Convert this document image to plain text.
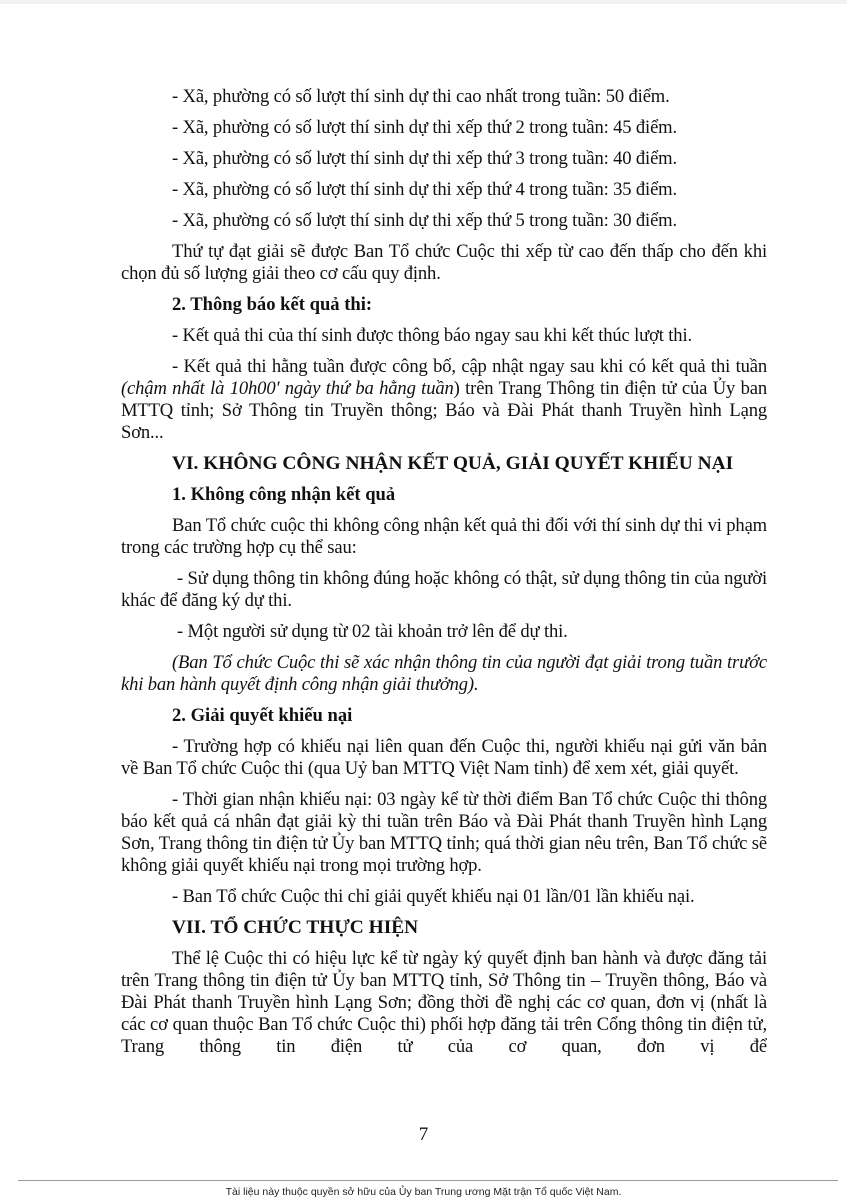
- Xã, phường có số lượt thí sinh dự thi cao nhất trong tuần: 50 điểm.

- Xã, phường có số lượt thí sinh dự thi xếp thứ 2 trong tuần: 45 điểm.

- Xã, phường có số lượt thí sinh dự thi xếp thứ 3 trong tuần: 40 điểm.

- Xã, phường có số lượt thí sinh dự thi xếp thứ 4 trong tuần: 35 điểm.

- Xã, phường có số lượt thí sinh dự thi xếp thứ 5 trong tuần: 30 điểm.

Thứ tự đạt giải sẽ được Ban Tổ chức Cuộc thi xếp từ cao đến thấp cho đến khi chọn đủ số lượng giải theo cơ cấu quy định.

2. Thông báo kết quả thi:

- Kết quả thi của thí sinh được thông báo ngay sau khi kết thúc lượt thi.

- Kết quả thi hằng tuần được công bố, cập nhật ngay sau khi có kết quả thi tuần (chậm nhất là 10h00' ngày thứ ba hằng tuần) trên Trang Thông tin điện tử của Ủy ban MTTQ tỉnh; Sở Thông tin Truyền thông; Báo và Đài Phát thanh Truyền hình Lạng Sơn...

VI. KHÔNG CÔNG NHẬN KẾT QUẢ, GIẢI QUYẾT KHIẾU NẠI

1. Không công nhận kết quả

Ban Tổ chức cuộc thi không công nhận kết quả thi đối với thí sinh dự thi vi phạm trong các trường hợp cụ thể sau:

- Sử dụng thông tin không đúng hoặc không có thật, sử dụng thông tin của người khác để đăng ký dự thi.

- Một người sử dụng từ 02 tài khoản trở lên để dự thi.

(Ban Tổ chức Cuộc thi sẽ xác nhận thông tin của người đạt giải trong tuần trước khi ban hành quyết định công nhận giải thưởng).

2. Giải quyết khiếu nại

- Trường hợp có khiếu nại liên quan đến Cuộc thi, người khiếu nại gửi văn bản về Ban Tổ chức Cuộc thi (qua Uỷ ban MTTQ Việt Nam tỉnh) để xem xét, giải quyết.

- Thời gian nhận khiếu nại: 03 ngày kể từ thời điểm Ban Tổ chức Cuộc thi thông báo kết quả cá nhân đạt giải kỳ thi tuần trên Báo và Đài Phát thanh Truyền hình Lạng Sơn, Trang thông tin điện tử Ủy ban MTTQ tỉnh; quá thời gian nêu trên, Ban Tổ chức sẽ không giải quyết khiếu nại trong mọi trường hợp.

- Ban Tổ chức Cuộc thi chỉ giải quyết khiếu nại 01 lần/01 lần khiếu nại.

VII. TỔ CHỨC THỰC HIỆN

Thể lệ Cuộc thi có hiệu lực kể từ ngày ký quyết định ban hành và được đăng tải trên Trang thông tin điện tử Ủy ban MTTQ tỉnh, Sở Thông tin – Truyền thông, Báo và Đài Phát thanh Truyền hình Lạng Sơn; đồng thời đề nghị các cơ quan, đơn vị (nhất là các cơ quan thuộc Ban Tổ chức Cuộc thi) phối hợp đăng tải trên Cổng thông tin điện tử, Trang thông tin điện tử của cơ quan, đơn vị để

7
Tài liệu này thuộc quyền sở hữu của Ủy ban Trung ương Mặt trận Tổ quốc Việt Nam.
